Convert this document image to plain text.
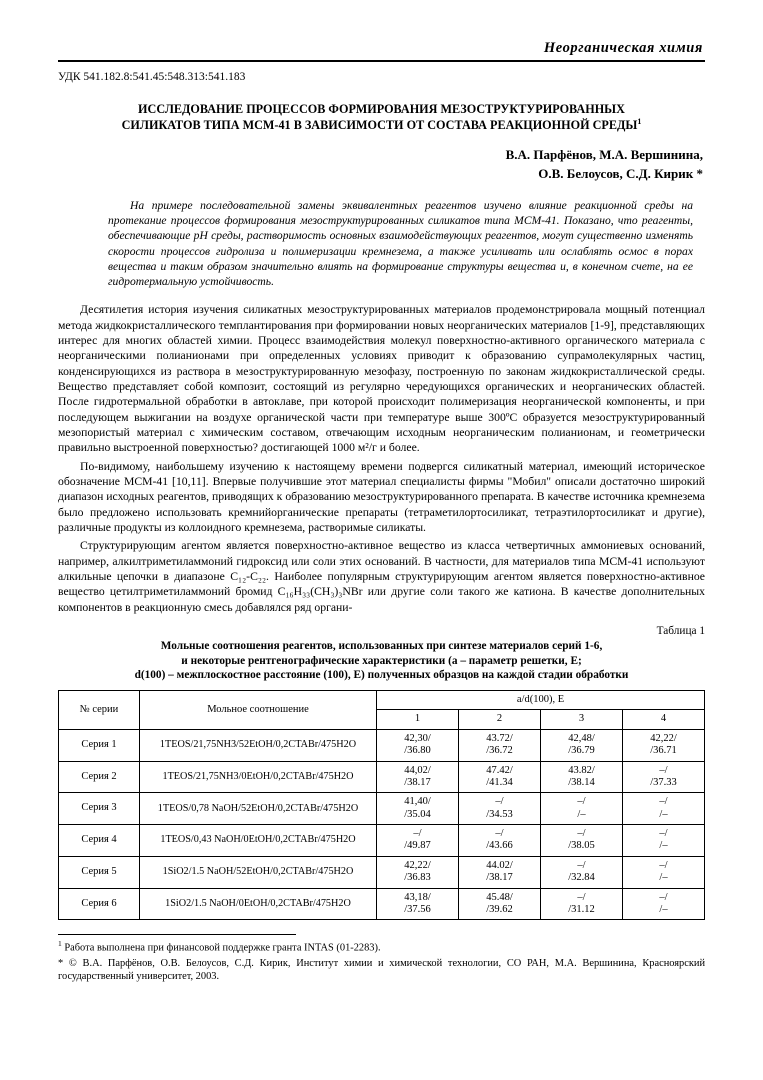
Неорганическая химия
УДК 541.182.8:541.45:548.313:541.183
ИССЛЕДОВАНИЕ ПРОЦЕССОВ ФОРМИРОВАНИЯ МЕЗОСТРУКТУРИРОВАННЫХ
СИЛИКАТОВ ТИПА МСМ-41 В ЗАВИСИМОСТИ ОТ СОСТАВА РЕАКЦИОННОЙ СРЕДЫ$^1$
В.А. Парфёнов, М.А. Вершинина,
О.В. Белоусов, С.Д. Кирик *
На примере последовательной замены эквивалентных реагентов изучено влияние реакционной среды на протекание процессов формирования мезоструктурированных силикатов типа МСМ-41. Показано, что реагенты, обеспечивающие pH среды, растворимость основных взаимодействующих реагентов, могут существенно изменять скорости процессов гидролиза и полимеризации кремнезема, а также усиливать или ослаблять осмос в порах вещества и таким образом значительно влиять на формирование структуры вещества и, в конечном счете, на ее гидротермальную устойчивость.
Десятилетия история изучения силикатных мезоструктурированных материалов продемонстрировала мощный потенциал метода жидкокристаллического темплантирования при формировании новых неорганических материалов [1-9], представляющих интерес для многих областей химии. Процесс взаимодействия молекул поверхностно-активного органического материала с неорганическими полианионами при определенных условиях приводит к образованию супрамолекулярных частиц, конденсирующихся из раствора в мезоструктурированную мезофазу, построенную по законам жидкокристаллической среды. Вещество представляет собой композит, состоящий из регулярно чередующихся органических и неорганических областей. После гидротермальной обработки в автоклаве, при которой происходит полимеризация неорганической компоненты, и при последующем выжигании на воздухе органической части при температуре выше 300ºС образуется мезоструктурированный мезопористый материал с химическим составом, отвечающим исходным неорганическим полианионам, и геометрически правильно выстроенной поверхностью? достигающей 1000 м²/г и более.
По-видимому, наибольшему изучению к настоящему времени подвергся силикатный материал, имеющий историческое обозначение МСМ-41 [10,11]. Впервые получившие этот материал специалисты фирмы "Мобил" описали достаточно широкий диапазон исходных реагентов, приводящих к образованию мезоструктурированного препарата. В качестве источника кремнезема было предложено использовать кремнийорганические препараты (тетраметилортосиликат, тетраэтилортосиликат и другие), различные продукты из коллоидного кремнезема, растворимые силикаты.
Структурирующим агентом является поверхностно-активное вещество из класса четвертичных аммониевых оснований, например, алкилтриметиламмоний гидроксид или соли этих оснований. В частности, для материалов типа МСМ-41 используют алкильные цепочки в диапазоне С₁₂-С₂₂. Наиболее популярным структурирующим агентом является поверхностно-активное вещество цетилтриметиламмоний бромид C₁₆H₃₃(CH₃)₃NBr или другие соли такого же катиона. В качестве дополнительных компонентов в реакционную смесь добавлялся ряд органи-
Таблица 1
Мольные соотношения реагентов, использованных при синтезе материалов серий 1-6,
и некоторые рентгенографические характеристики (а – параметр решетки, Е;
d(100) – межплоскостное расстояние (100), Е) полученных образцов на каждой стадии обработки
№ серии	Мольное соотношение	a/d(100), Е			
		1	2	3	4
Серия 1	1TEOS/21,75NH3/52EtOH/0,2CTABr/475H2O	42,30/
/36.80	43.72/
/36.72	42,48/
/36.79	42,22/
/36.71

Серия 2	1TEOS/21,75NH3/0EtOH/0,2CTABr/475H2O	44,02/
/38.17	47.42/
/41.34	43.82/
/38.14	–/
/37.33

Серия 3	1TEOS/0,78 NaOH/52EtOH/0,2CTABr/475H2O	41,40/
/35.04	–/
/34.53	–/
/–	–/
/–

Серия 4	1TEOS/0,43 NaOH/0EtOH/0,2CTABr/475H2O	–/
/49.87	–/
/43.66	–/
/38.05	–/
/–

Серия 5	1SiO2/1.5 NaOH/52EtOH/0,2CTABr/475H2O	42,22/
/36.83	44.02/
/38.17	–/
/32.84	–/
/–

Серия 6	1SiO2/1.5 NaOH/0EtOH/0,2CTABr/475H2O	43,18/
/37.56	45.48/
/39.62	–/
/31.12	–/
/–
$^1$ Работа выполнена при финансовой поддержке гранта INTAS (01-2283).
* © В.А. Парфёнов, О.В. Белоусов, С.Д. Кирик, Институт химии и химической технологии, СО РАН, М.А. Вершинина, Красноярский государственный университет, 2003.
